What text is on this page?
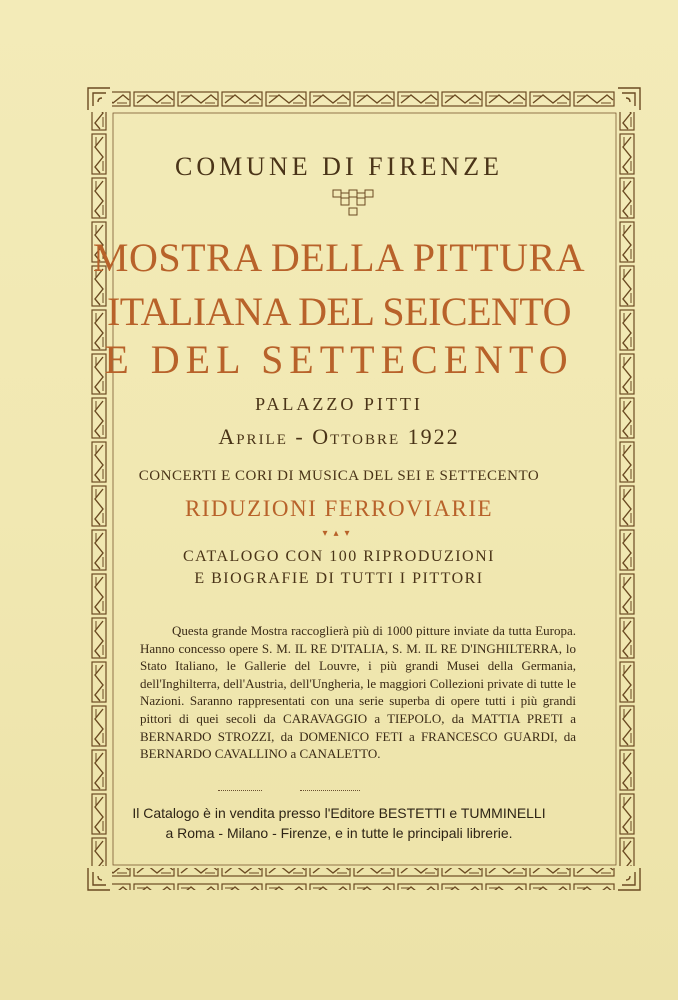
COMUNE DI FIRENZE
MOSTRA DELLA PITTURA
ITALIANA DEL SEICENTO
E DEL SETTECENTO
PALAZZO PITTI
Aprile - Ottobre 1922
CONCERTI E CORI DI MUSICA DEL SEI E SETTECENTO
RIDUZIONI FERROVIARIE
▾▴▾
CATALOGO CON 100 RIPRODUZIONI
E BIOGRAFIE DI TUTTI I PITTORI
Questa grande Mostra raccoglierà più di 1000 pitture inviate da tutta Europa. Hanno concesso opere S. M. IL RE D'ITALIA, S. M. IL RE D'INGHILTERRA, lo Stato Italiano, le Gallerie del Louvre, i più grandi Musei della Germania, dell'Inghilterra, dell'Austria, dell'Ungheria, le maggiori Collezioni private di tutte le Nazioni. Saranno rappresentati con una serie superba di opere tutti i più grandi pittori di quei secoli da CARAVAGGIO a TIEPOLO, da MATTIA PRETI a BERNARDO STROZZI, da DOMENICO FETI a FRANCESCO GUARDI, da BERNARDO CAVALLINO a CANALETTO.
Il Catalogo è in vendita presso l'Editore BESTETTI e TUMMINELLI
a Roma - Milano - Firenze, e in tutte le principali librerie.
